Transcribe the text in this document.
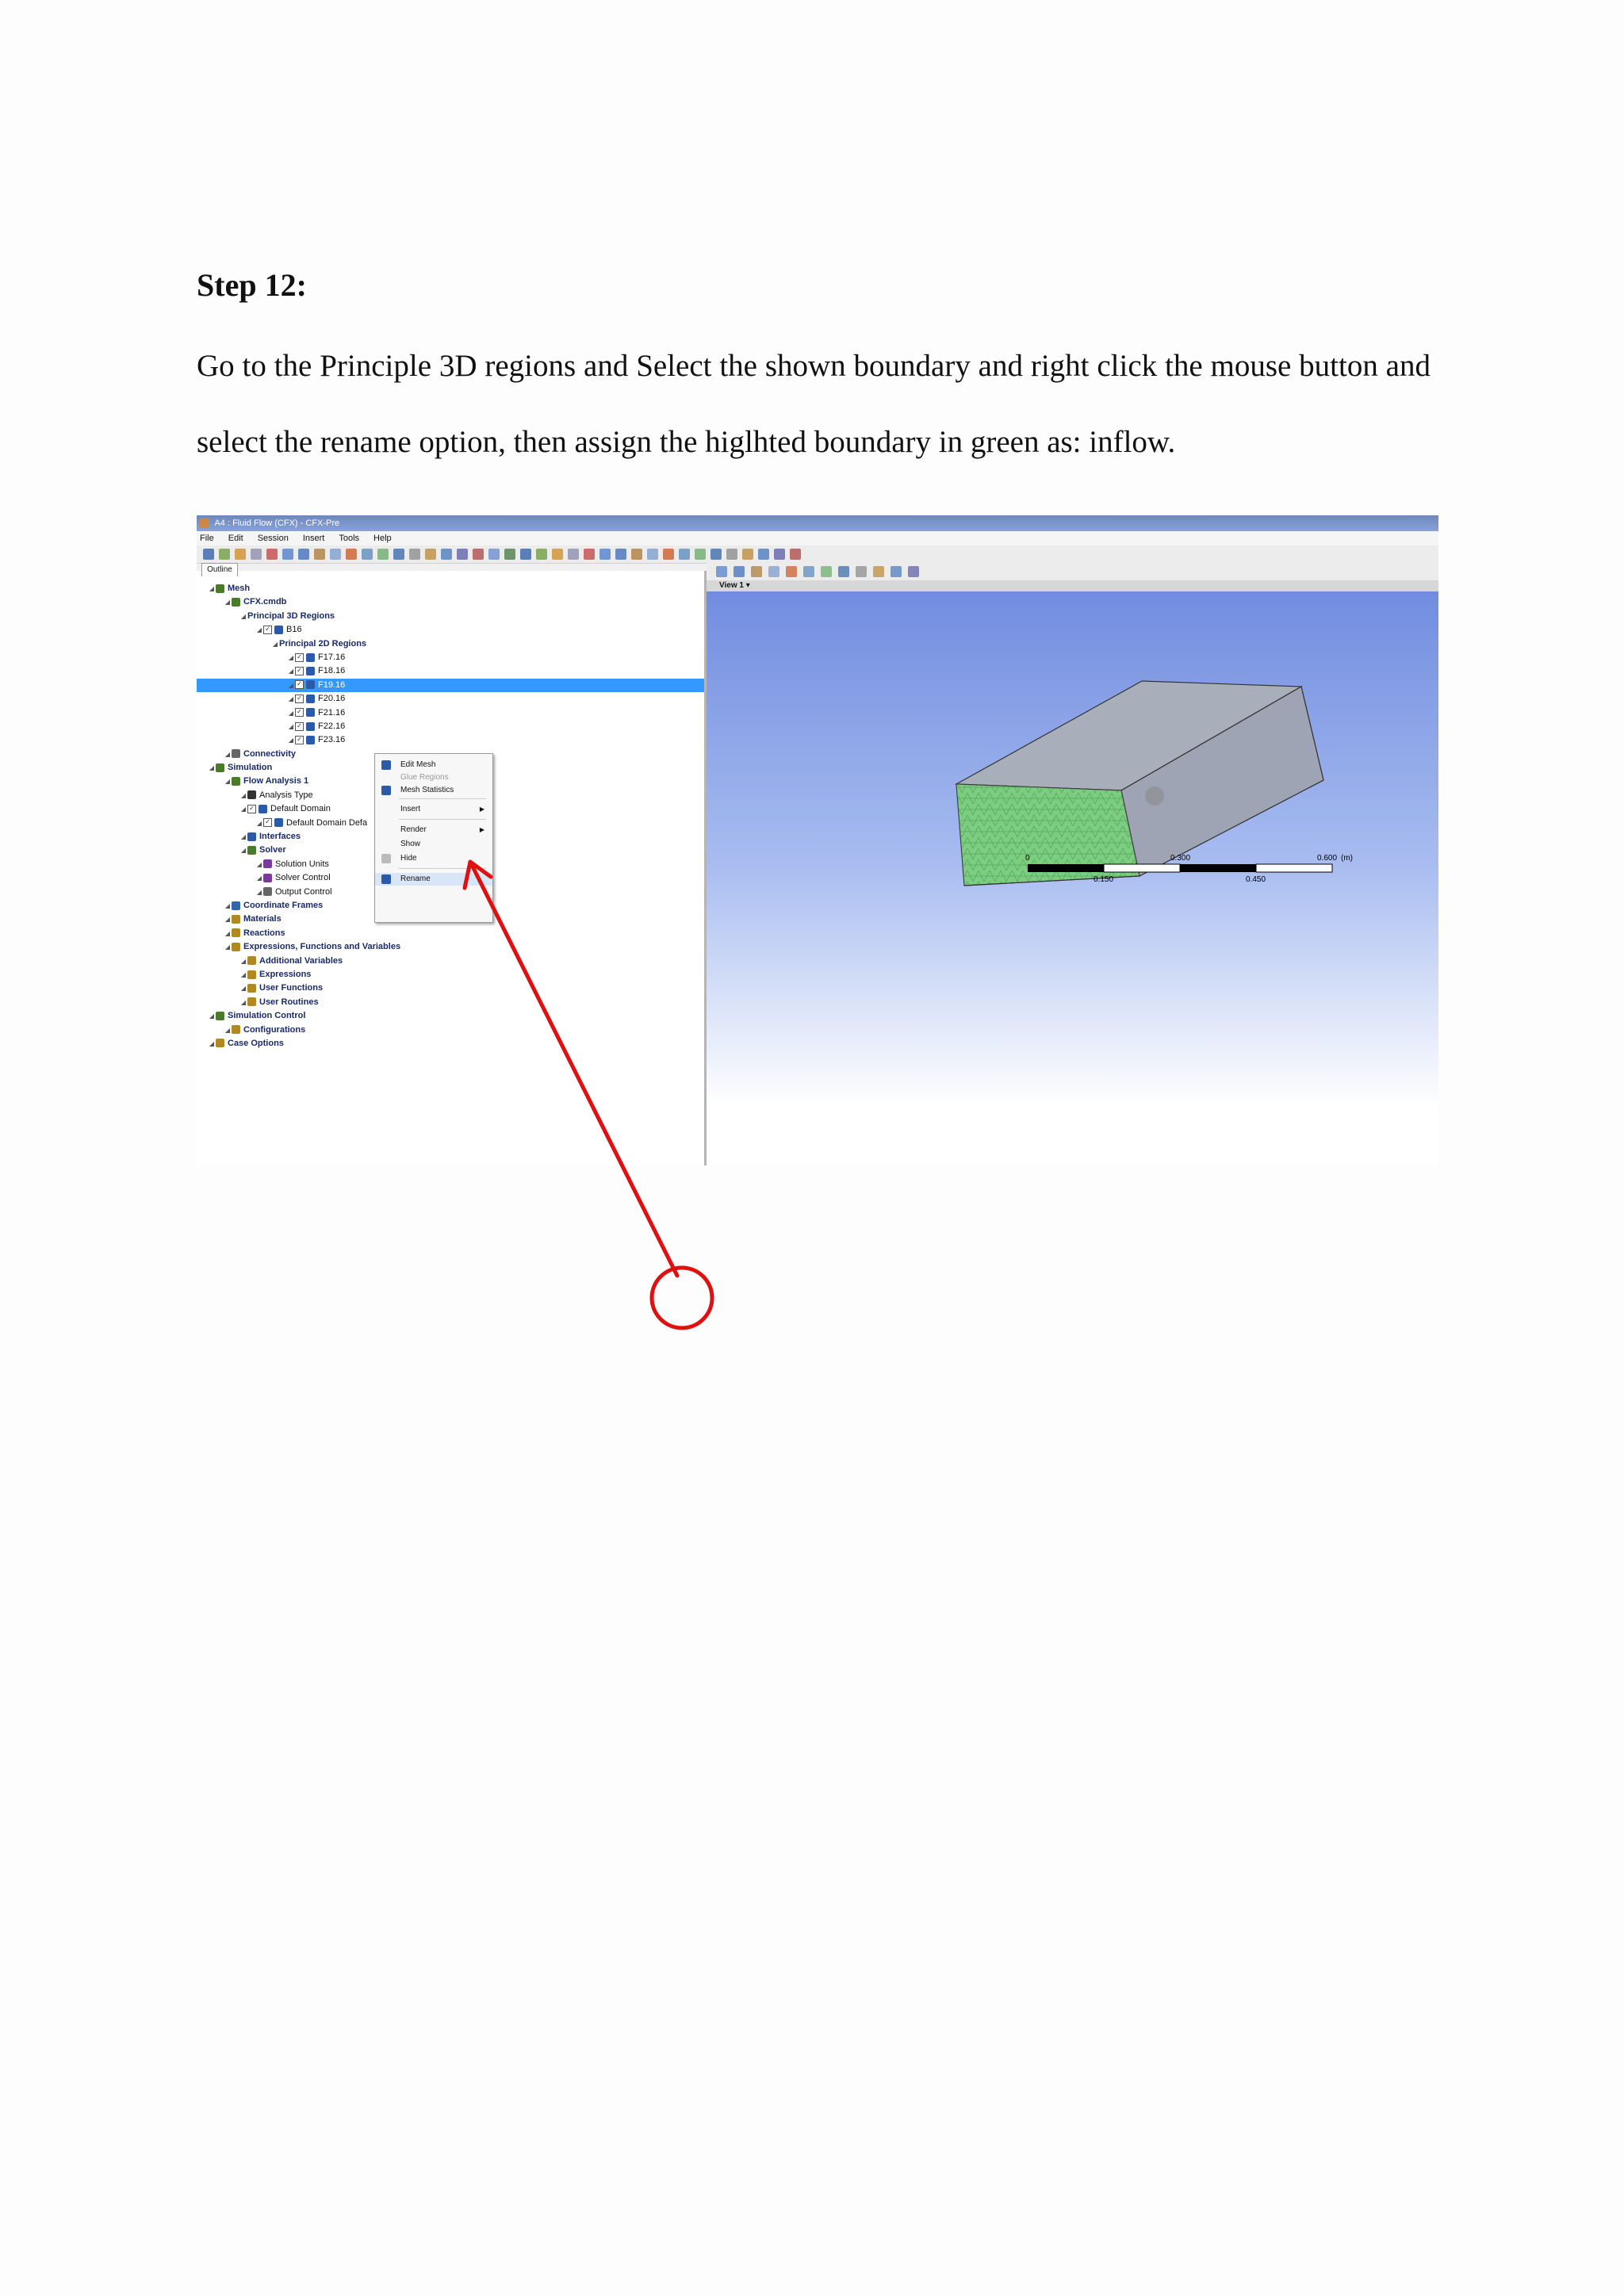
Step 12:

Go to the Principle 3D regions and Select the shown boundary and right click the mouse button and select the rename option, then assign the higlhted boundary in green as: inflow.

A4 : Fluid Flow (CFX) - CFX-Pre
File Edit Session Insert Tools Help
Outline
◢ Mesh
◢ CFX.cmdb
◢ Principal 3D Regions
◢ ✓ B16
◢ Principal 2D Regions
◢ ✓ F17.16
◢ ✓ F18.16
◢ ✓ F19.16
◢ ✓ F20.16
◢ ✓ F21.16
◢ ✓ F22.16
◢ ✓ F23.16
◢ Connectivity
◢ Simulation
◢ Flow Analysis 1
◢ Analysis Type
◢ ✓ Default Domain
◢ ✓ Default Domain Defa
◢ Interfaces
◢ Solver
◢ Solution Units
◢ Solver Control
◢ Output Control
◢ Coordinate Frames
◢ Materials
◢ Reactions
◢ Expressions, Functions and Variables
◢ Additional Variables
◢ Expressions
◢ User Functions
◢ User Routines
◢ Simulation Control
◢ Configurations
◢ Case Options
Edit Mesh
Glue Regions
Mesh Statistics
Insert	▶
Render	▶
Show
Hide
Rename
View 1 ▾
0	0.300	0.600 (m)
0.150	0.450
